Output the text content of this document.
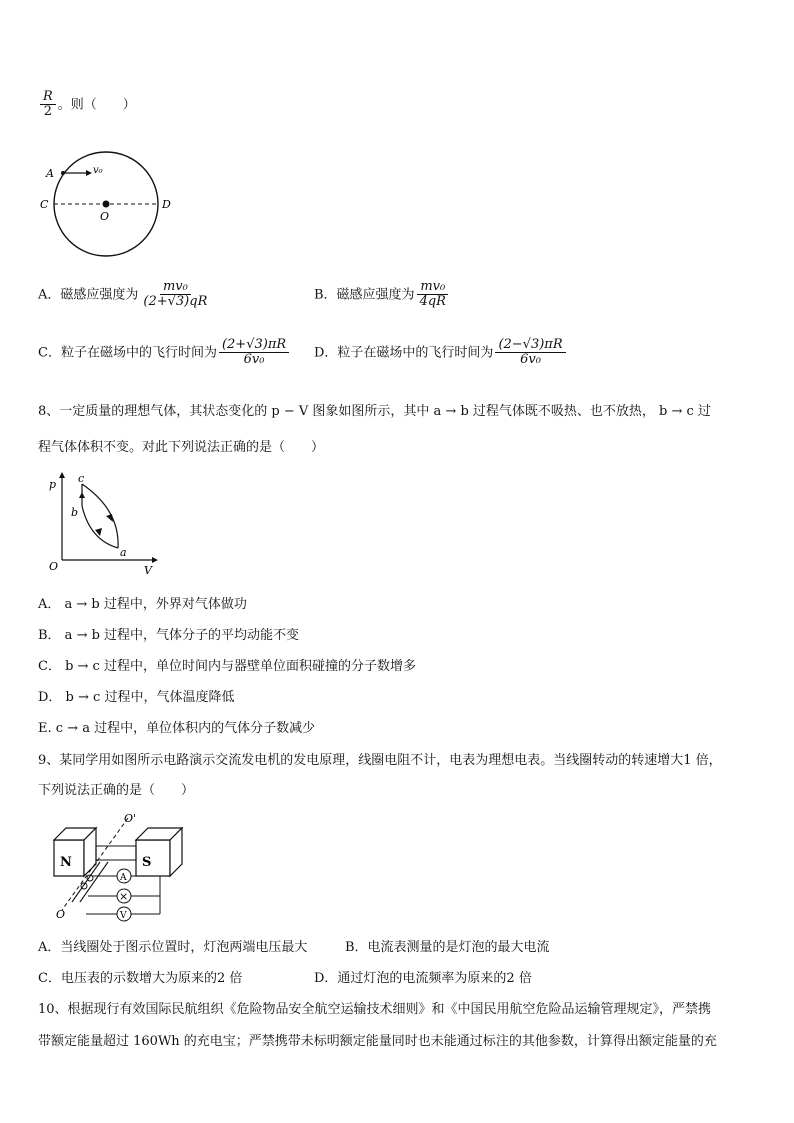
$\frac{R}{2}$ 。则（　　）
A	v₀
C
O
D
A．磁感应强度为 $\frac{\text{mv₀}}{(2+√3)qR}$	B．磁感应强度为 $\frac{\text{mv₀}}{4qR}$
C．粒子在磁场中的飞行时间为 $\frac{(2+√3)\pi R}{\text{6v₀}}$ D．粒子在磁场中的飞行时间为 $\frac{(2-√3)\pi R}{\text{6v₀}}$
8、一定质量的理想气体，其状态变化的 p − V 图象如图所示，其中 a → b 过程气体既不吸热、也不放热， b → c 过
程气体体积不变。对此下列说法正确的是（　　）
p
V
O
a
b
c
A． a → b 过程中，外界对气体做功
B． a → b 过程中，气体分子的平均动能不变
C． b → c 过程中，单位时间内与器壁单位面积碰撞的分子数增多
D． b → c 过程中，气体温度降低
E. c → a 过程中，单位体积内的气体分子数减少
9、某同学用如图所示电路演示交流发电机的发电原理，线圈电阻不计，电表为理想电表。当线圈转动的转速增大1 倍，
下列说法正确的是（　　）
N	S
O'
O
A
×
V
A．当线圈处于图示位置时，灯泡两端电压最大	B．电流表测量的是灯泡的最大电流
C．电压表的示数增大为原来的2 倍	D．通过灯泡的电流频率为原来的2 倍
10、根据现行有效国际民航组织《危险物品安全航空运输技术细则》和《中国民用航空危险品运输管理规定》，严禁携
带额定能量超过 160Wh 的充电宝；严禁携带未标明额定能量同时也未能通过标注的其他参数，计算得出额定能量的充
